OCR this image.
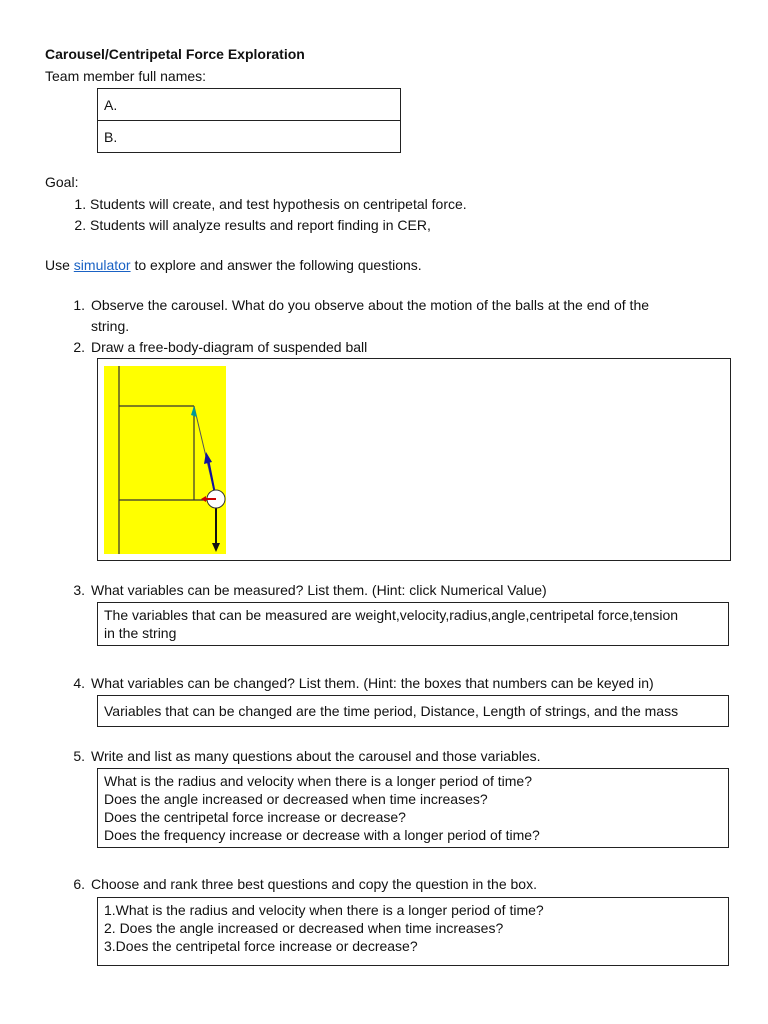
Carousel/Centripetal Force Exploration
Team member full names:
A.
B.
Goal:
1. Students will create, and test hypothesis on centripetal force.
2. Students will analyze results and report finding in CER,
Use simulator to explore and answer the following questions.
1. Observe the carousel. What do you observe about the motion of the balls at the end of the
string.
2. Draw a free-body-diagram of suspended ball
3. What variables can be measured? List them. (Hint: click Numerical Value)
The variables that can be measured are weight,velocity,radius,angle,centripetal force,tension
in the string
4. What variables can be changed? List them. (Hint: the boxes that numbers can be keyed in)
Variables that can be changed are the time period, Distance, Length of strings, and the mass
5. Write and list as many questions about the carousel and those variables.
What is the radius and velocity when there is a longer period of time?
Does the angle increased or decreased when time increases?
Does the centripetal force increase or decrease?
Does the frequency increase or decrease with a longer period of time?
6. Choose and rank three best questions and copy the question in the box.
1.What is the radius and velocity when there is a longer period of time?
2. Does the angle increased or decreased when time increases?
3.Does the centripetal force increase or decrease?
